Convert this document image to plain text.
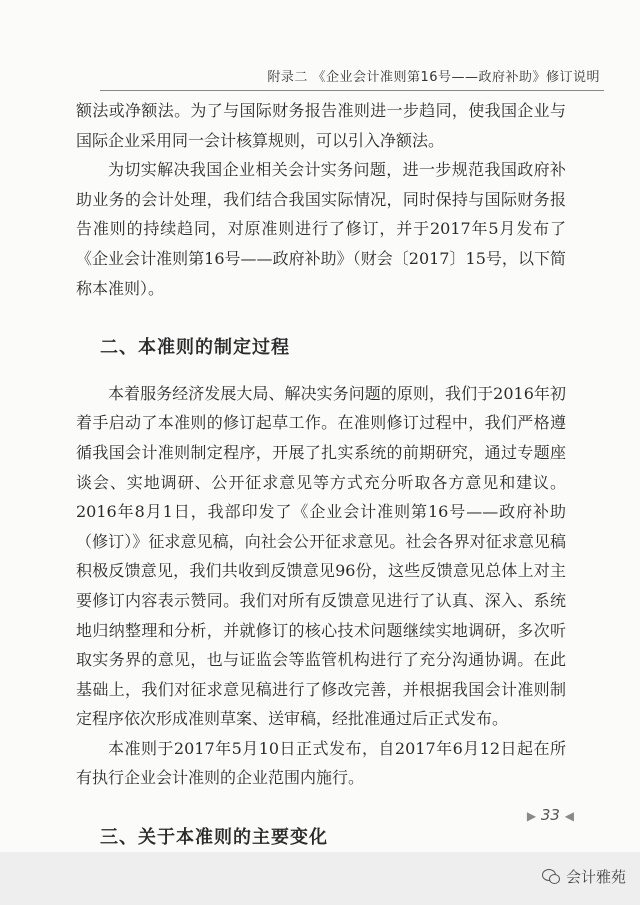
附录二 《企业会计准则第16号——政府补助》修订说明

额法或净额法。为了与国际财务报告准则进一步趋同，使我国企业与国际企业采用同一会计核算规则，可以引入净额法。

为切实解决我国企业相关会计实务问题，进一步规范我国政府补助业务的会计处理，我们结合我国实际情况，同时保持与国际财务报告准则的持续趋同，对原准则进行了修订，并于2017年5月发布了《企业会计准则第16号——政府补助》（财会〔2017〕15号，以下简称本准则）。

二、本准则的制定过程

本着服务经济发展大局、解决实务问题的原则，我们于2016年初着手启动了本准则的修订起草工作。在准则修订过程中，我们严格遵循我国会计准则制定程序，开展了扎实系统的前期研究，通过专题座谈会、实地调研、公开征求意见等方式充分听取各方意见和建议。2016年8月1日，我部印发了《企业会计准则第16号——政府补助（修订）》征求意见稿，向社会公开征求意见。社会各界对征求意见稿积极反馈意见，我们共收到反馈意见96份，这些反馈意见总体上对主要修订内容表示赞同。我们对所有反馈意见进行了认真、深入、系统地归纳整理和分析，并就修订的核心技术问题继续实地调研，多次听取实务界的意见，也与证监会等监管机构进行了充分沟通协调。在此基础上，我们对征求意见稿进行了修改完善，并根据我国会计准则制定程序依次形成准则草案、送审稿，经批准通过后正式发布。

本准则于2017年5月10日正式发布，自2017年6月12日起在所有执行企业会计准则的企业范围内施行。

三、关于本准则的主要变化

▶ 33 ◀
会计雅苑
